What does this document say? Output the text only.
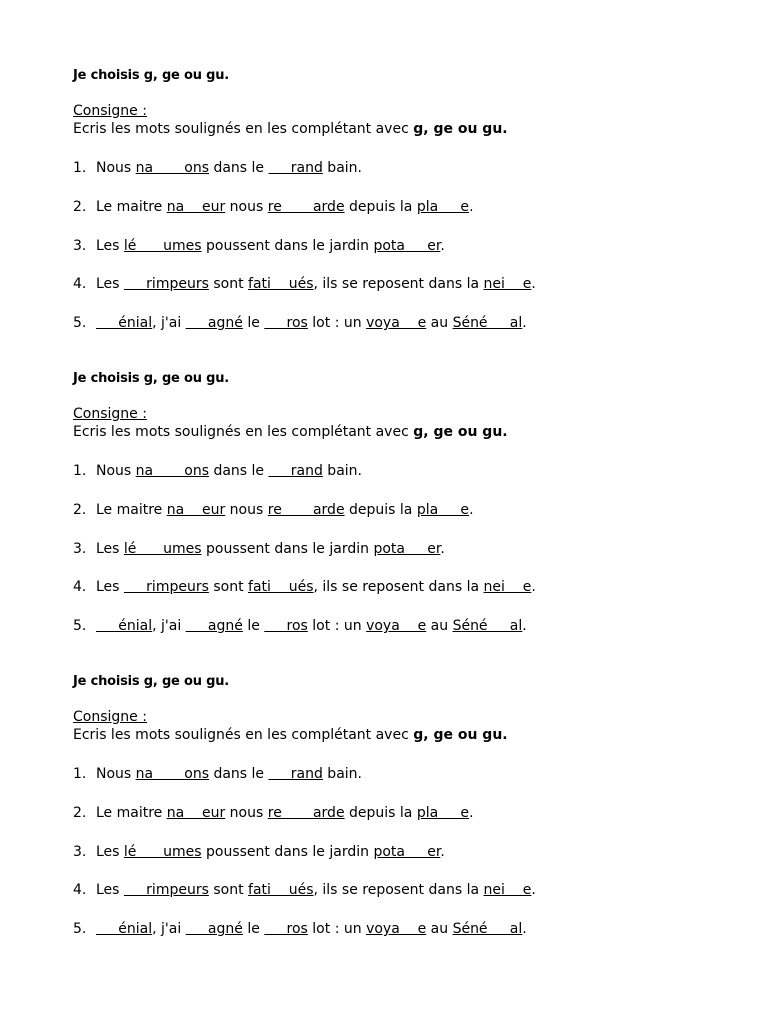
Je choisis g, ge ou gu.
Consigne :
Ecris les mots soulignés en les complétant avec g, ge ou gu.
1. Nous na       ons dans le      rand bain.
2. Le maitre na    eur nous re       arde depuis la pla     e.
3. Les lé      umes poussent dans le jardin pota     er.
4. Les      rimpeurs sont fati    ués, ils se reposent dans la nei    e.
5.     énial, j'ai      agné le      ros lot : un voya    e au Séné     al.
Je choisis g, ge ou gu.
Consigne :
Ecris les mots soulignés en les complétant avec g, ge ou gu.
1. Nous na       ons dans le      rand bain.
2. Le maitre na    eur nous re       arde depuis la pla     e.
3. Les lé      umes poussent dans le jardin pota     er.
4. Les      rimpeurs sont fati    ués, ils se reposent dans la nei    e.
5.     énial, j'ai      agné le      ros lot : un voya    e au Séné     al.
Je choisis g, ge ou gu.
Consigne :
Ecris les mots soulignés en les complétant avec g, ge ou gu.
1. Nous na       ons dans le      rand bain.
2. Le maitre na    eur nous re       arde depuis la pla     e.
3. Les lé      umes poussent dans le jardin pota     er.
4. Les      rimpeurs sont fati    ués, ils se reposent dans la nei    e.
5.     énial, j'ai      agné le      ros lot : un voya    e au Séné     al.
